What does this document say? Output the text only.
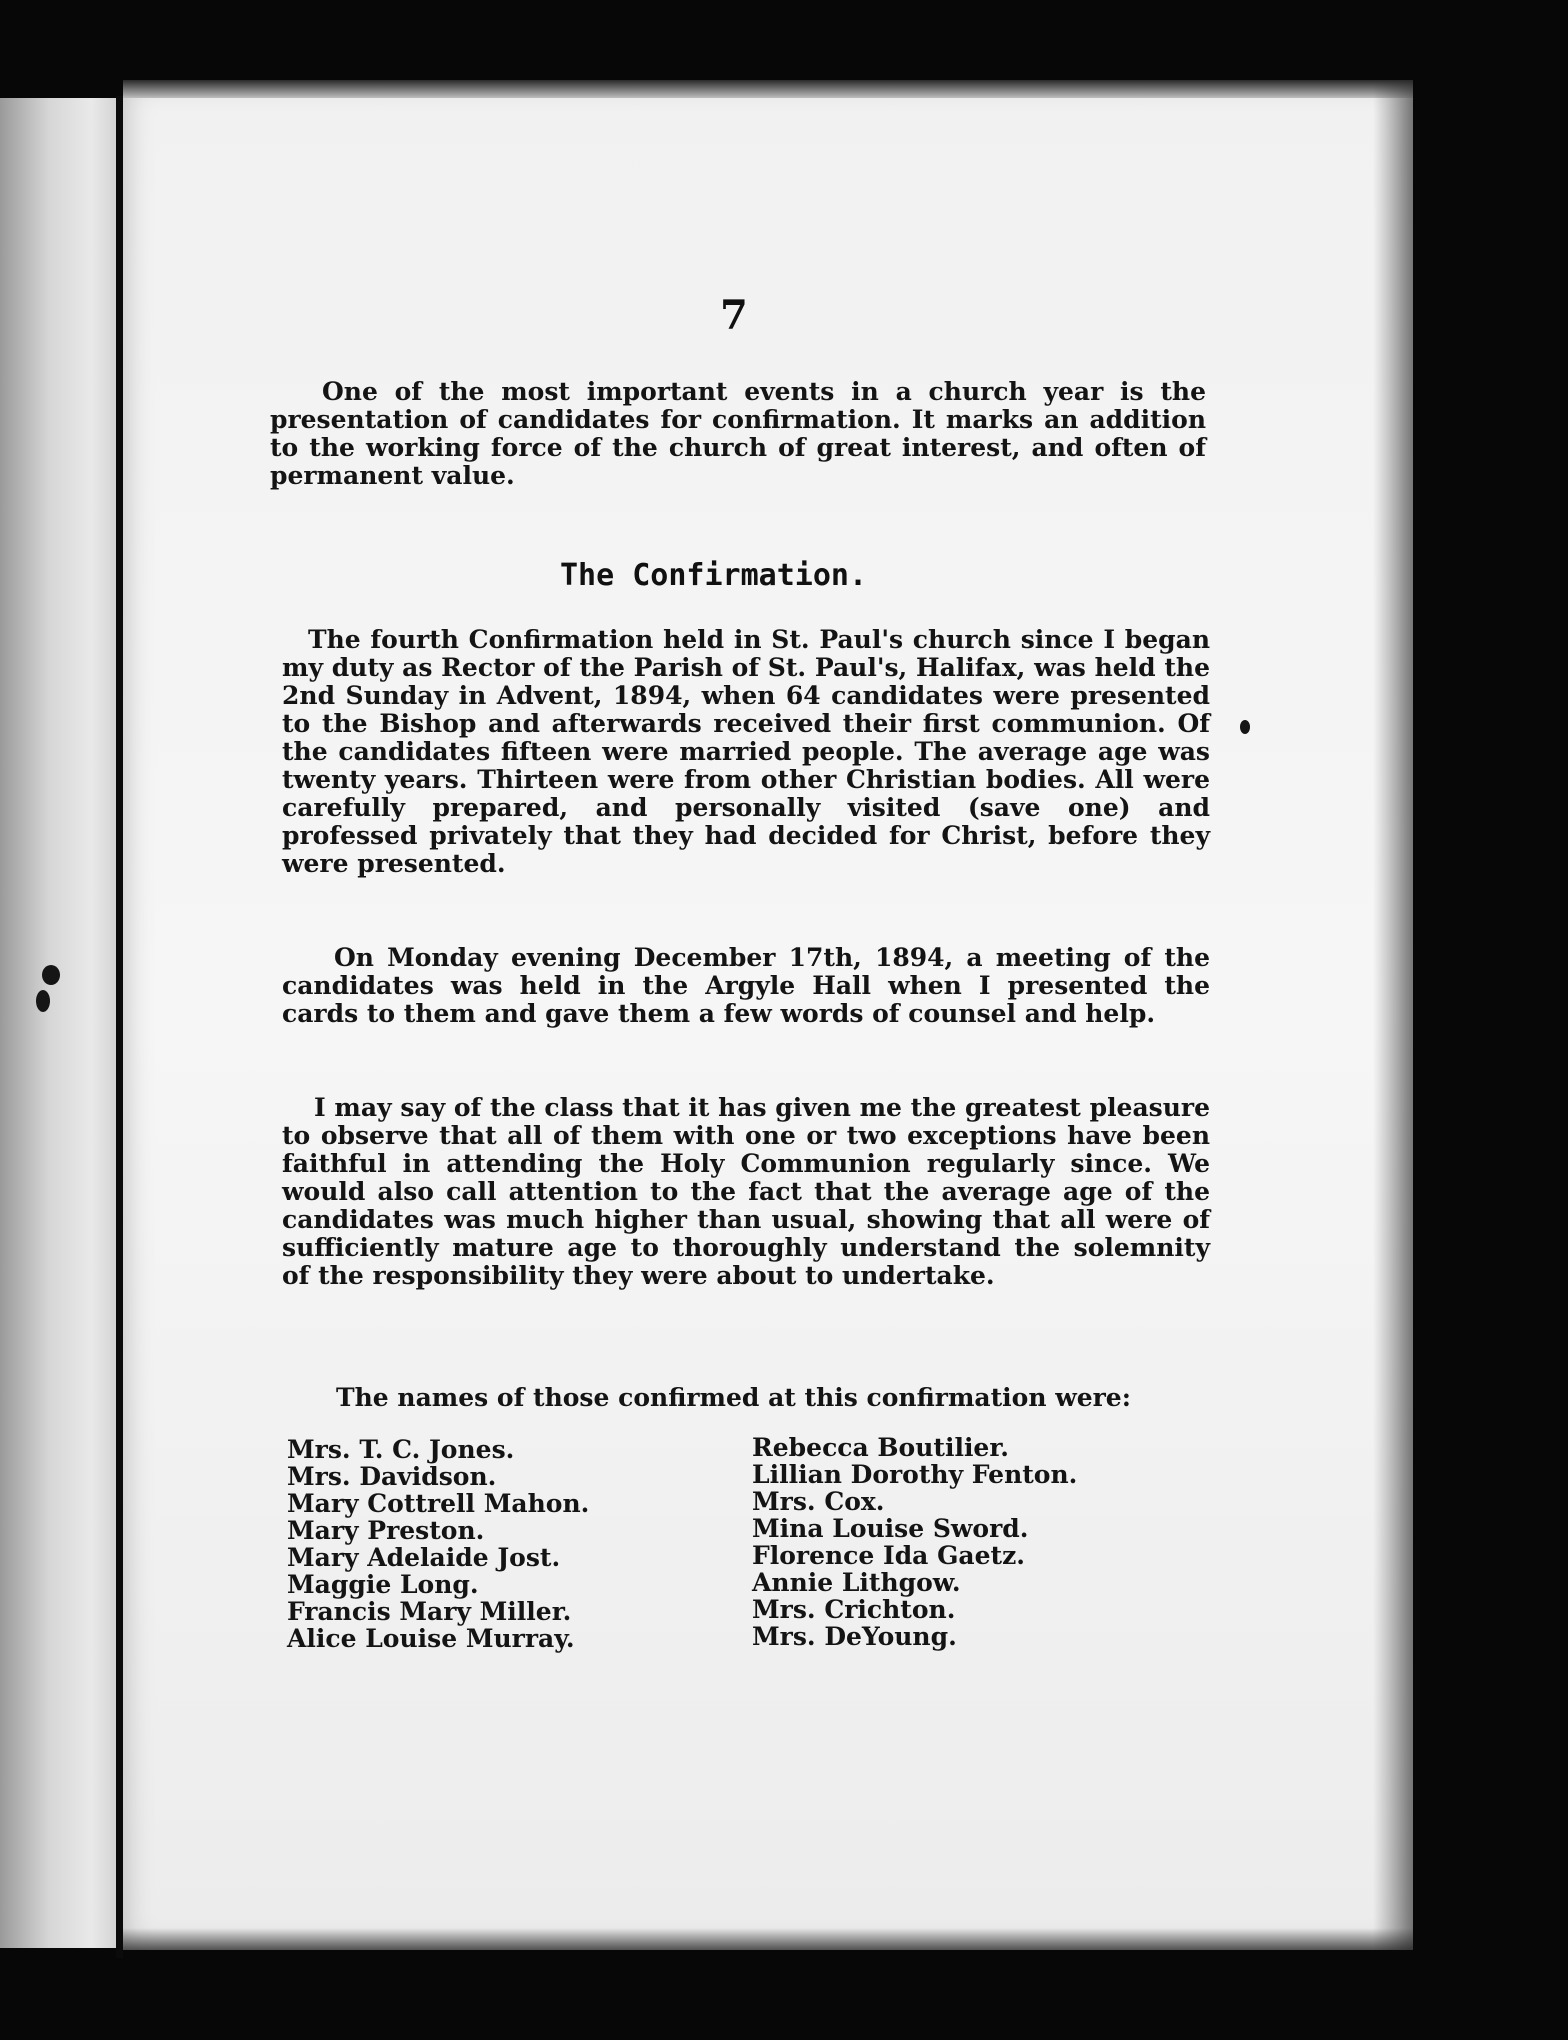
7

One of the most important events in a church year is the presentation of candidates for confirmation. It marks an addition to the working force of the church of great interest, and often of permanent value.

The Confirmation.

The fourth Confirmation held in St. Paul's church since I began my duty as Rector of the Parish of St. Paul's, Halifax, was held the 2nd Sunday in Advent, 1894, when 64 candidates were presented to the Bishop and afterwards received their first communion. Of the candidates fifteen were married people. The average age was twenty years. Thirteen were from other Christian bodies. All were carefully prepared, and personally visited (save one) and professed privately that they had decided for Christ, before they were presented.

On Monday evening December 17th, 1894, a meeting of the candidates was held in the Argyle Hall when I presented the cards to them and gave them a few words of counsel and help.

I may say of the class that it has given me the greatest pleasure to observe that all of them with one or two exceptions have been faithful in attending the Holy Communion regularly since. We would also call attention to the fact that the average age of the candidates was much higher than usual, showing that all were of sufficiently mature age to thoroughly understand the solemnity of the responsibility they were about to undertake.

The names of those confirmed at this confirmation were:

Mrs. T. C. Jones.
Mrs. Davidson.
Mary Cottrell Mahon.
Mary Preston.
Mary Adelaide Jost.
Maggie Long.
Francis Mary Miller.
Alice Louise Murray.
Rebecca Boutilier.
Lillian Dorothy Fenton.
Mrs. Cox.
Mina Louise Sword.
Florence Ida Gaetz.
Annie Lithgow.
Mrs. Crichton.
Mrs. DeYoung.
